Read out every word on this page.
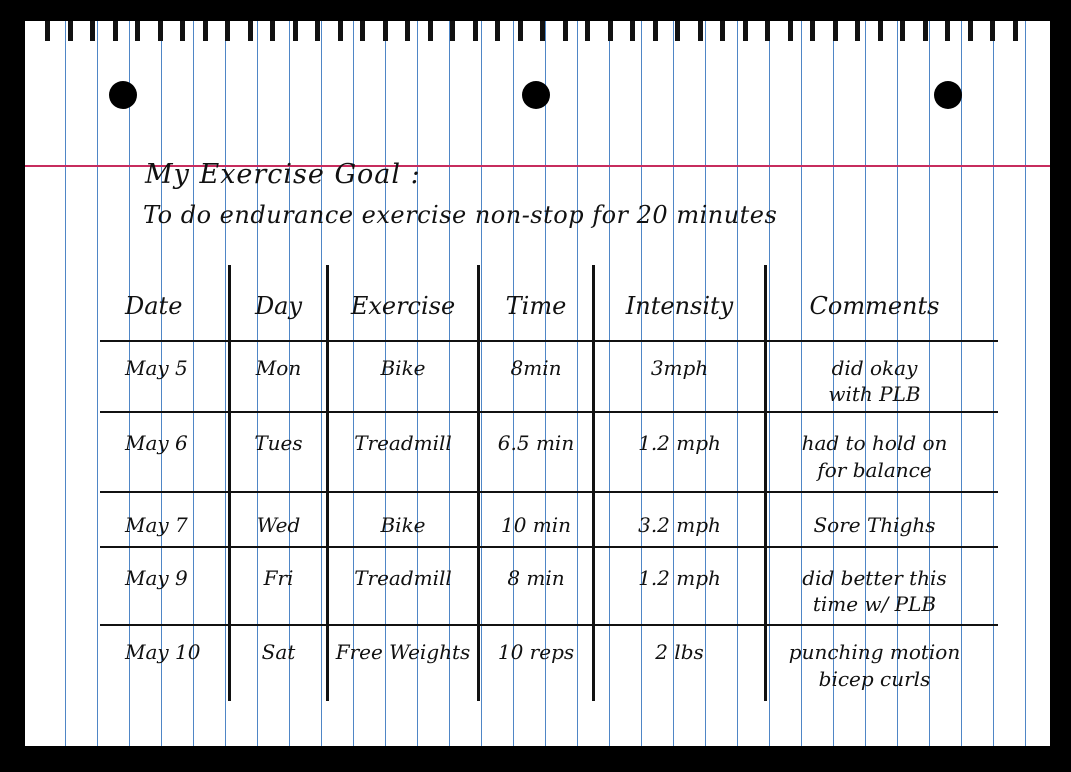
My Exercise Goal :
To do endurance exercise non-stop for 20 minutes
Date	Day	Exercise	Time	Intensity	Comments
May 5	Mon	Bike	8min	3mph	did okay
with PLB
May 6	Tues	Treadmill	6.5 min	1.2 mph	had to hold on
for balance
May 7	Wed	Bike	10 min	3.2 mph	Sore Thighs
May 9	Fri	Treadmill	8 min	1.2 mph	did better this
time w/ PLB
May 10	Sat	Free Weights	10 reps	2 lbs	punching motion
bicep curls
